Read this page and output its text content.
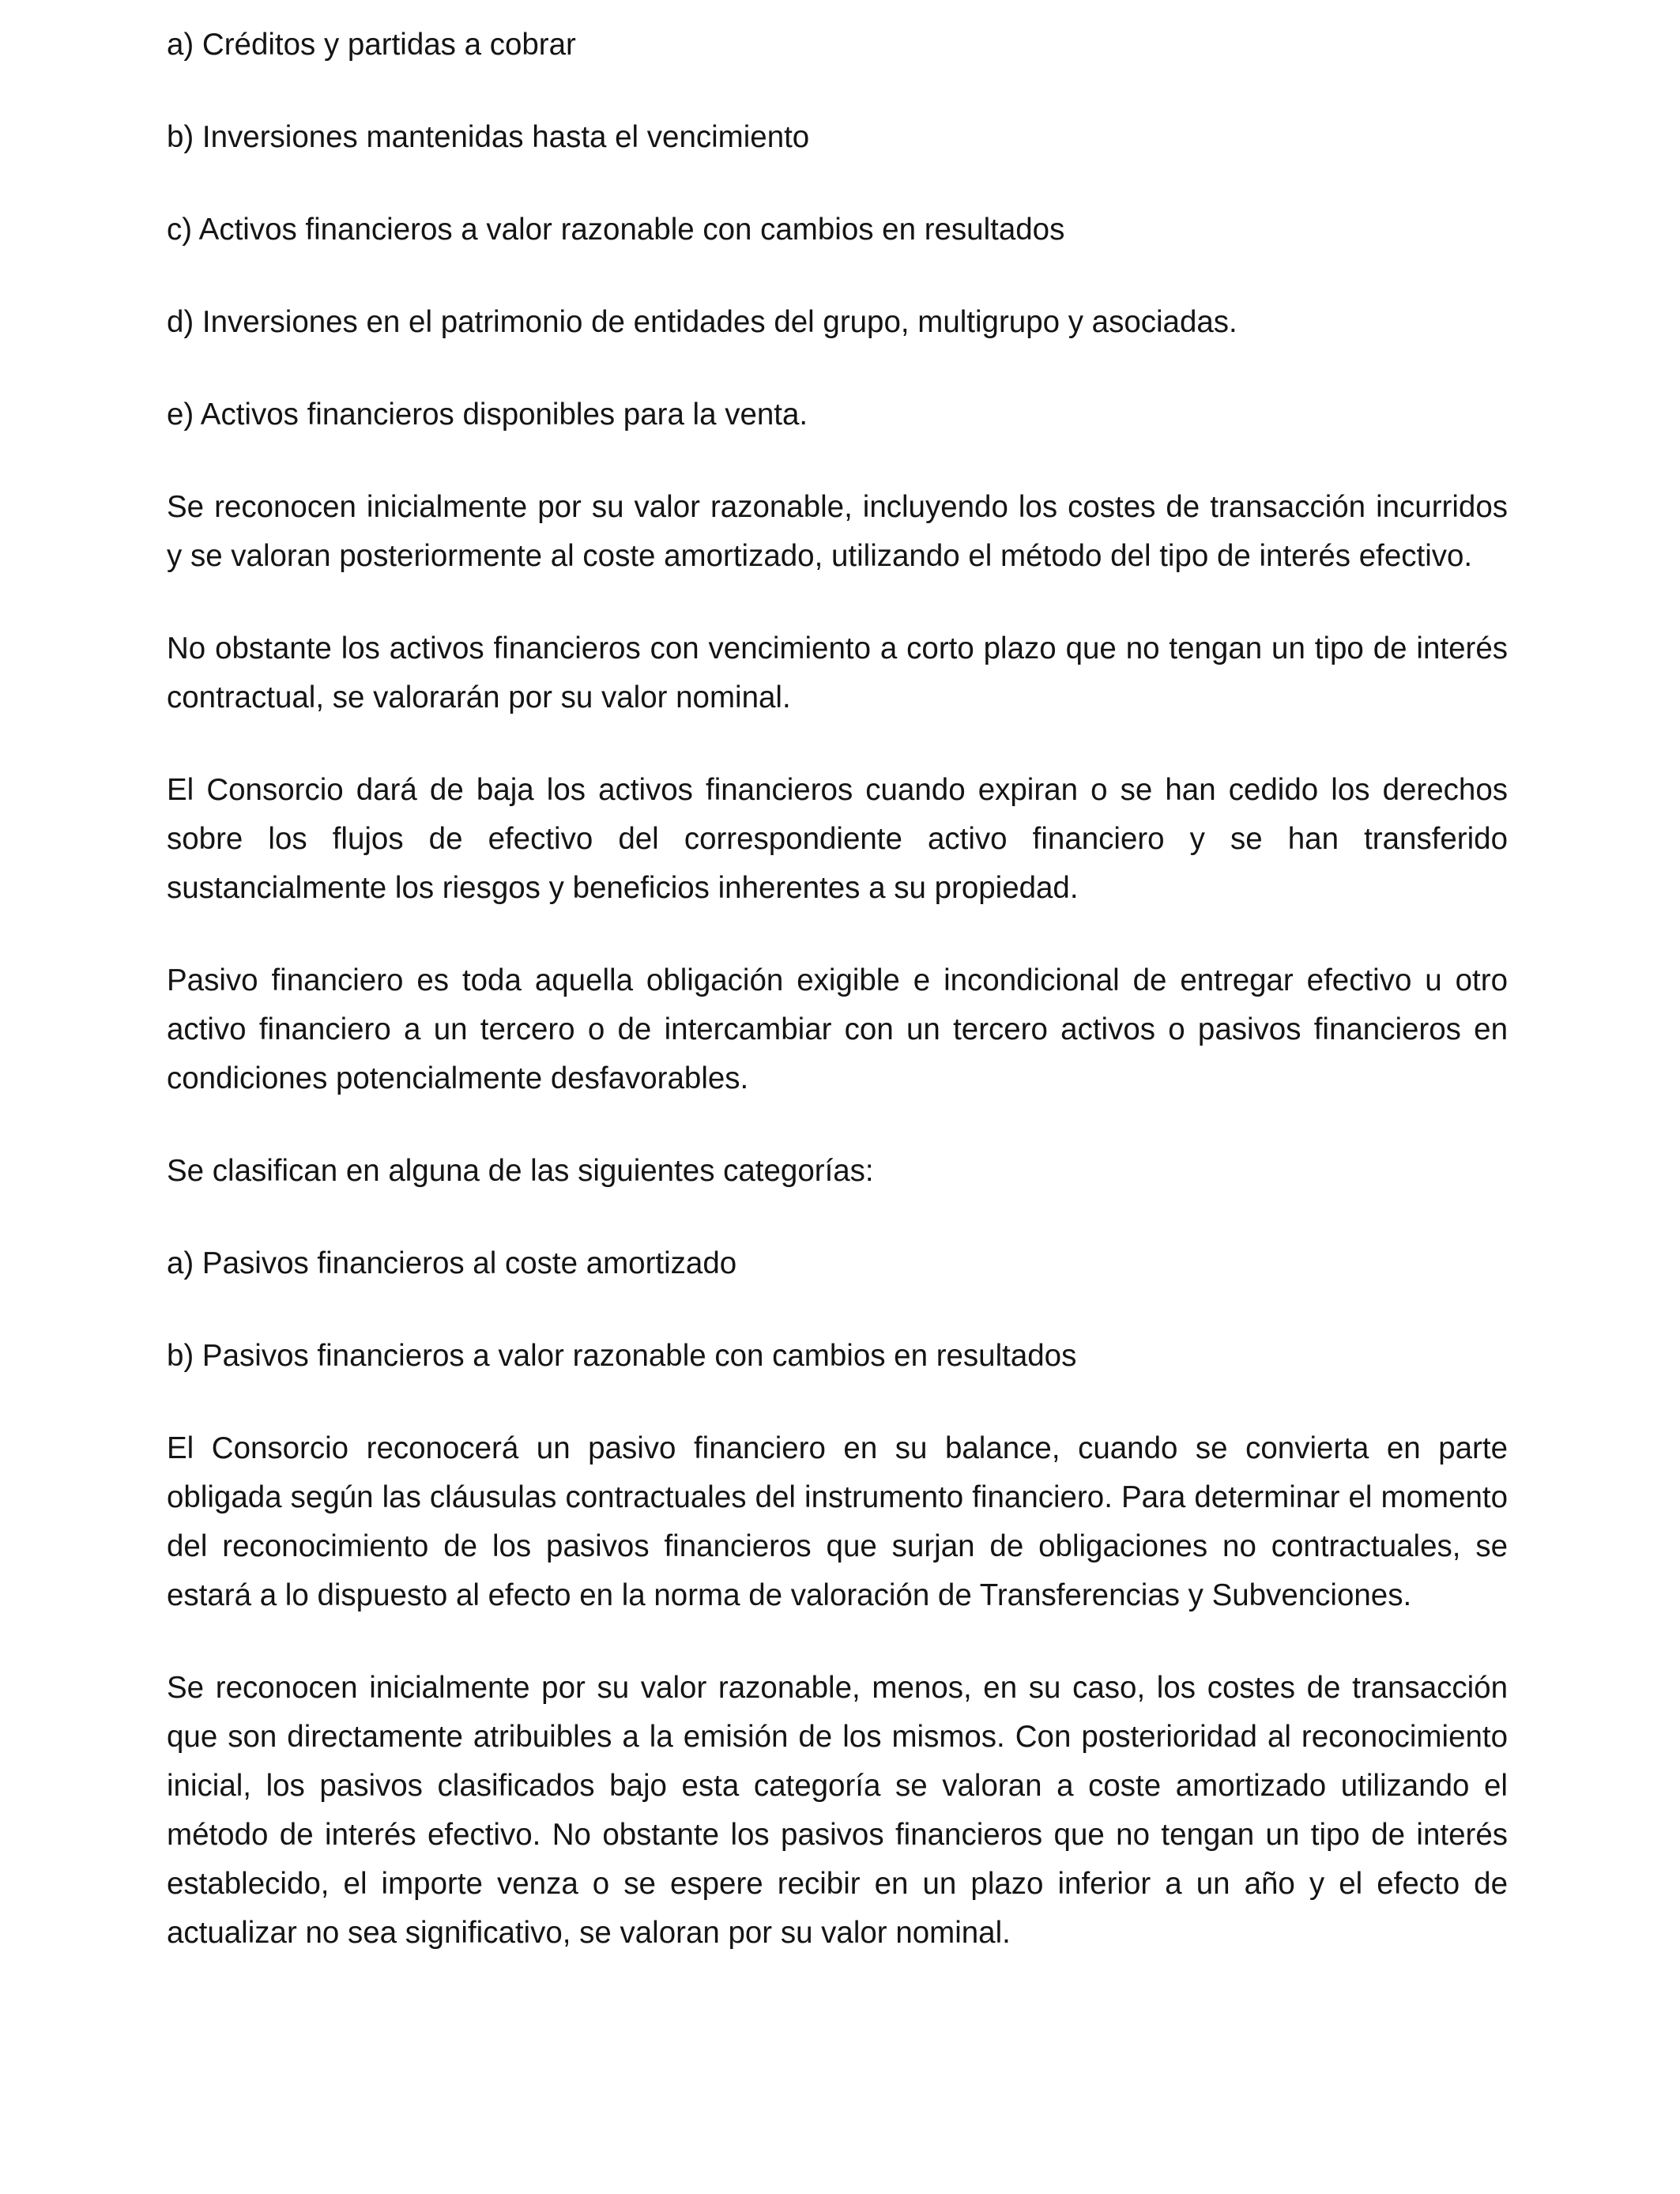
a) Créditos y partidas a cobrar

b) Inversiones mantenidas hasta el vencimiento

c) Activos financieros a valor razonable con cambios en resultados

d) Inversiones en el patrimonio de entidades del grupo, multigrupo y asociadas.

e) Activos financieros disponibles para la venta.

Se reconocen inicialmente por su valor razonable, incluyendo los costes de transacción incurridos y se valoran posteriormente al coste amortizado, utilizando el método del tipo de interés efectivo.

No obstante los activos financieros con vencimiento a corto plazo que no tengan un tipo de interés contractual, se valorarán por su valor nominal.

El Consorcio dará de baja los activos financieros cuando expiran o se han cedido los derechos sobre los flujos de efectivo del correspondiente activo financiero y se han transferido sustancialmente los riesgos y beneficios inherentes a su propiedad.

Pasivo financiero es toda aquella obligación exigible e incondicional de entregar efectivo u otro activo financiero a un tercero o de intercambiar con un tercero activos o pasivos financieros en condiciones potencialmente desfavorables.

Se clasifican en alguna de las siguientes categorías:

a) Pasivos financieros al coste amortizado

b) Pasivos financieros a valor razonable con cambios en resultados

El Consorcio reconocerá un pasivo financiero en su balance, cuando se convierta en parte obligada según las cláusulas contractuales del instrumento financiero. Para determinar el momento del reconocimiento de los pasivos financieros que surjan de obligaciones no contractuales, se estará a lo dispuesto al efecto en la norma de valoración de Transferencias y Subvenciones.

Se reconocen inicialmente por su valor razonable, menos, en su caso, los costes de transacción que son directamente atribuibles a la emisión de los mismos. Con posterioridad al reconocimiento inicial, los pasivos clasificados bajo esta categoría se valoran a coste amortizado utilizando el método de interés efectivo. No obstante los pasivos financieros que no tengan un tipo de interés establecido, el importe venza o se espere recibir en un plazo inferior a un año y el efecto de actualizar no sea significativo, se valoran por su valor nominal.
